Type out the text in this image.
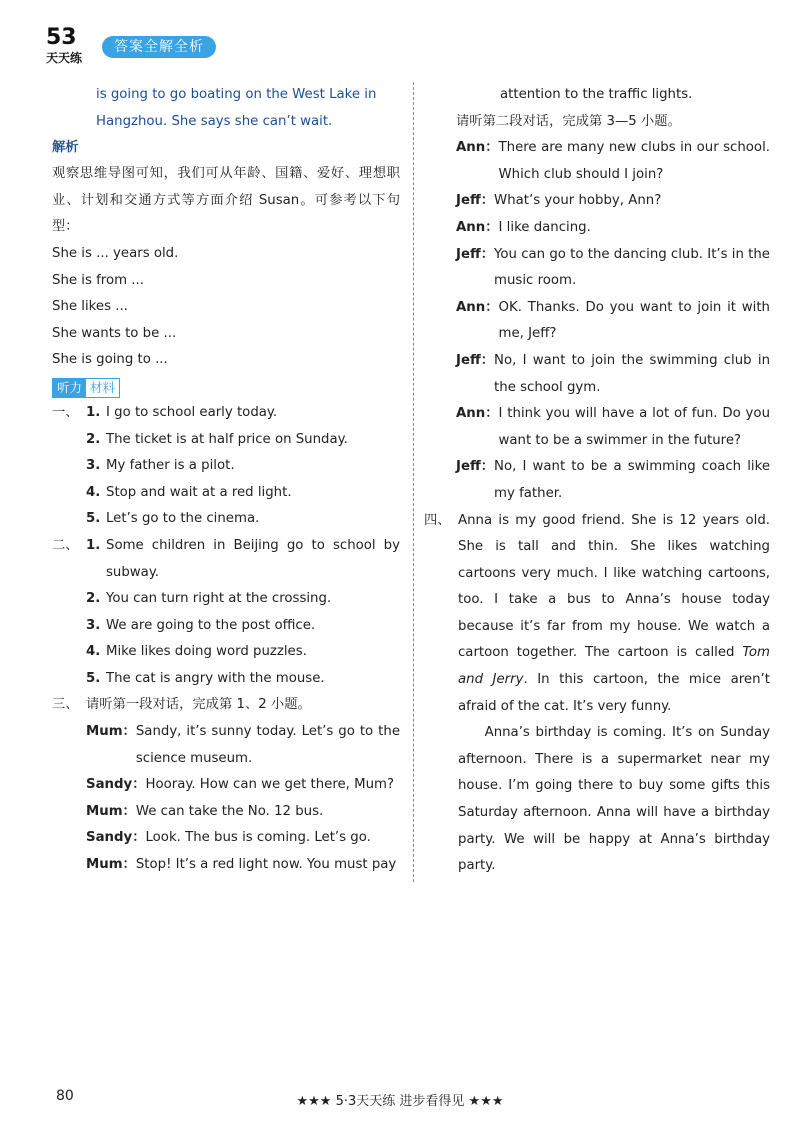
53
天天练
答案全解全析
is going to go boating on the West Lake in
Hangzhou. She says she can’t wait.
解析
观察思维导图可知，我们可从年龄、国籍、爱好、理想职业、计划和交通方式等方面介绍 Susan。可参考以下句型：
She is ... years old.
She is from ...
She likes ...
She wants to be ...
She is going to ...
听力 材料
一、 1. I go to school early today.
2. The ticket is at half price on Sunday.
3. My father is a pilot.
4. Stop and wait at a red light.
5. Let’s go to the cinema.
二、 1. Some children in Beijing go to school by subway.
2. You can turn right at the crossing.
3. We are going to the post office.
4. Mike likes doing word puzzles.
5. The cat is angry with the mouse.
三、 请听第一段对话，完成第 1、2 小题。
Mum： Sandy, it’s sunny today. Let’s go to the science museum.
Sandy： Hooray. How can we get there, Mum?
Mum： We can take the No. 12 bus.
Sandy： Look. The bus is coming. Let’s go.
Mum： Stop! It’s a red light now. You must pay
attention to the traffic lights.
请听第二段对话，完成第 3—5 小题。
Ann： There are many new clubs in our school. Which club should I join?
Jeff： What’s your hobby, Ann?
Ann： I like dancing.
Jeff： You can go to the dancing club. It’s in the music room.
Ann： OK. Thanks. Do you want to join it with me, Jeff?
Jeff： No, I want to join the swimming club in the school gym.
Ann： I think you will have a lot of fun. Do you want to be a swimmer in the future?
Jeff： No, I want to be a swimming coach like my father.
四、 Anna is my good friend. She is 12 years old. She is tall and thin. She likes watching cartoons very much. I like watching cartoons, too. I take a bus to Anna’s house today because it’s far from my house. We watch a cartoon together. The cartoon is called Tom and Jerry. In this cartoon, the mice aren’t afraid of the cat. It’s very funny.
Anna’s birthday is coming. It’s on Sunday afternoon. There is a supermarket near my house. I’m going there to buy some gifts this Saturday afternoon. Anna will have a birthday party. We will be happy at Anna’s birthday party.
80	★★★ 5·3天天练 进步看得见 ★★★
